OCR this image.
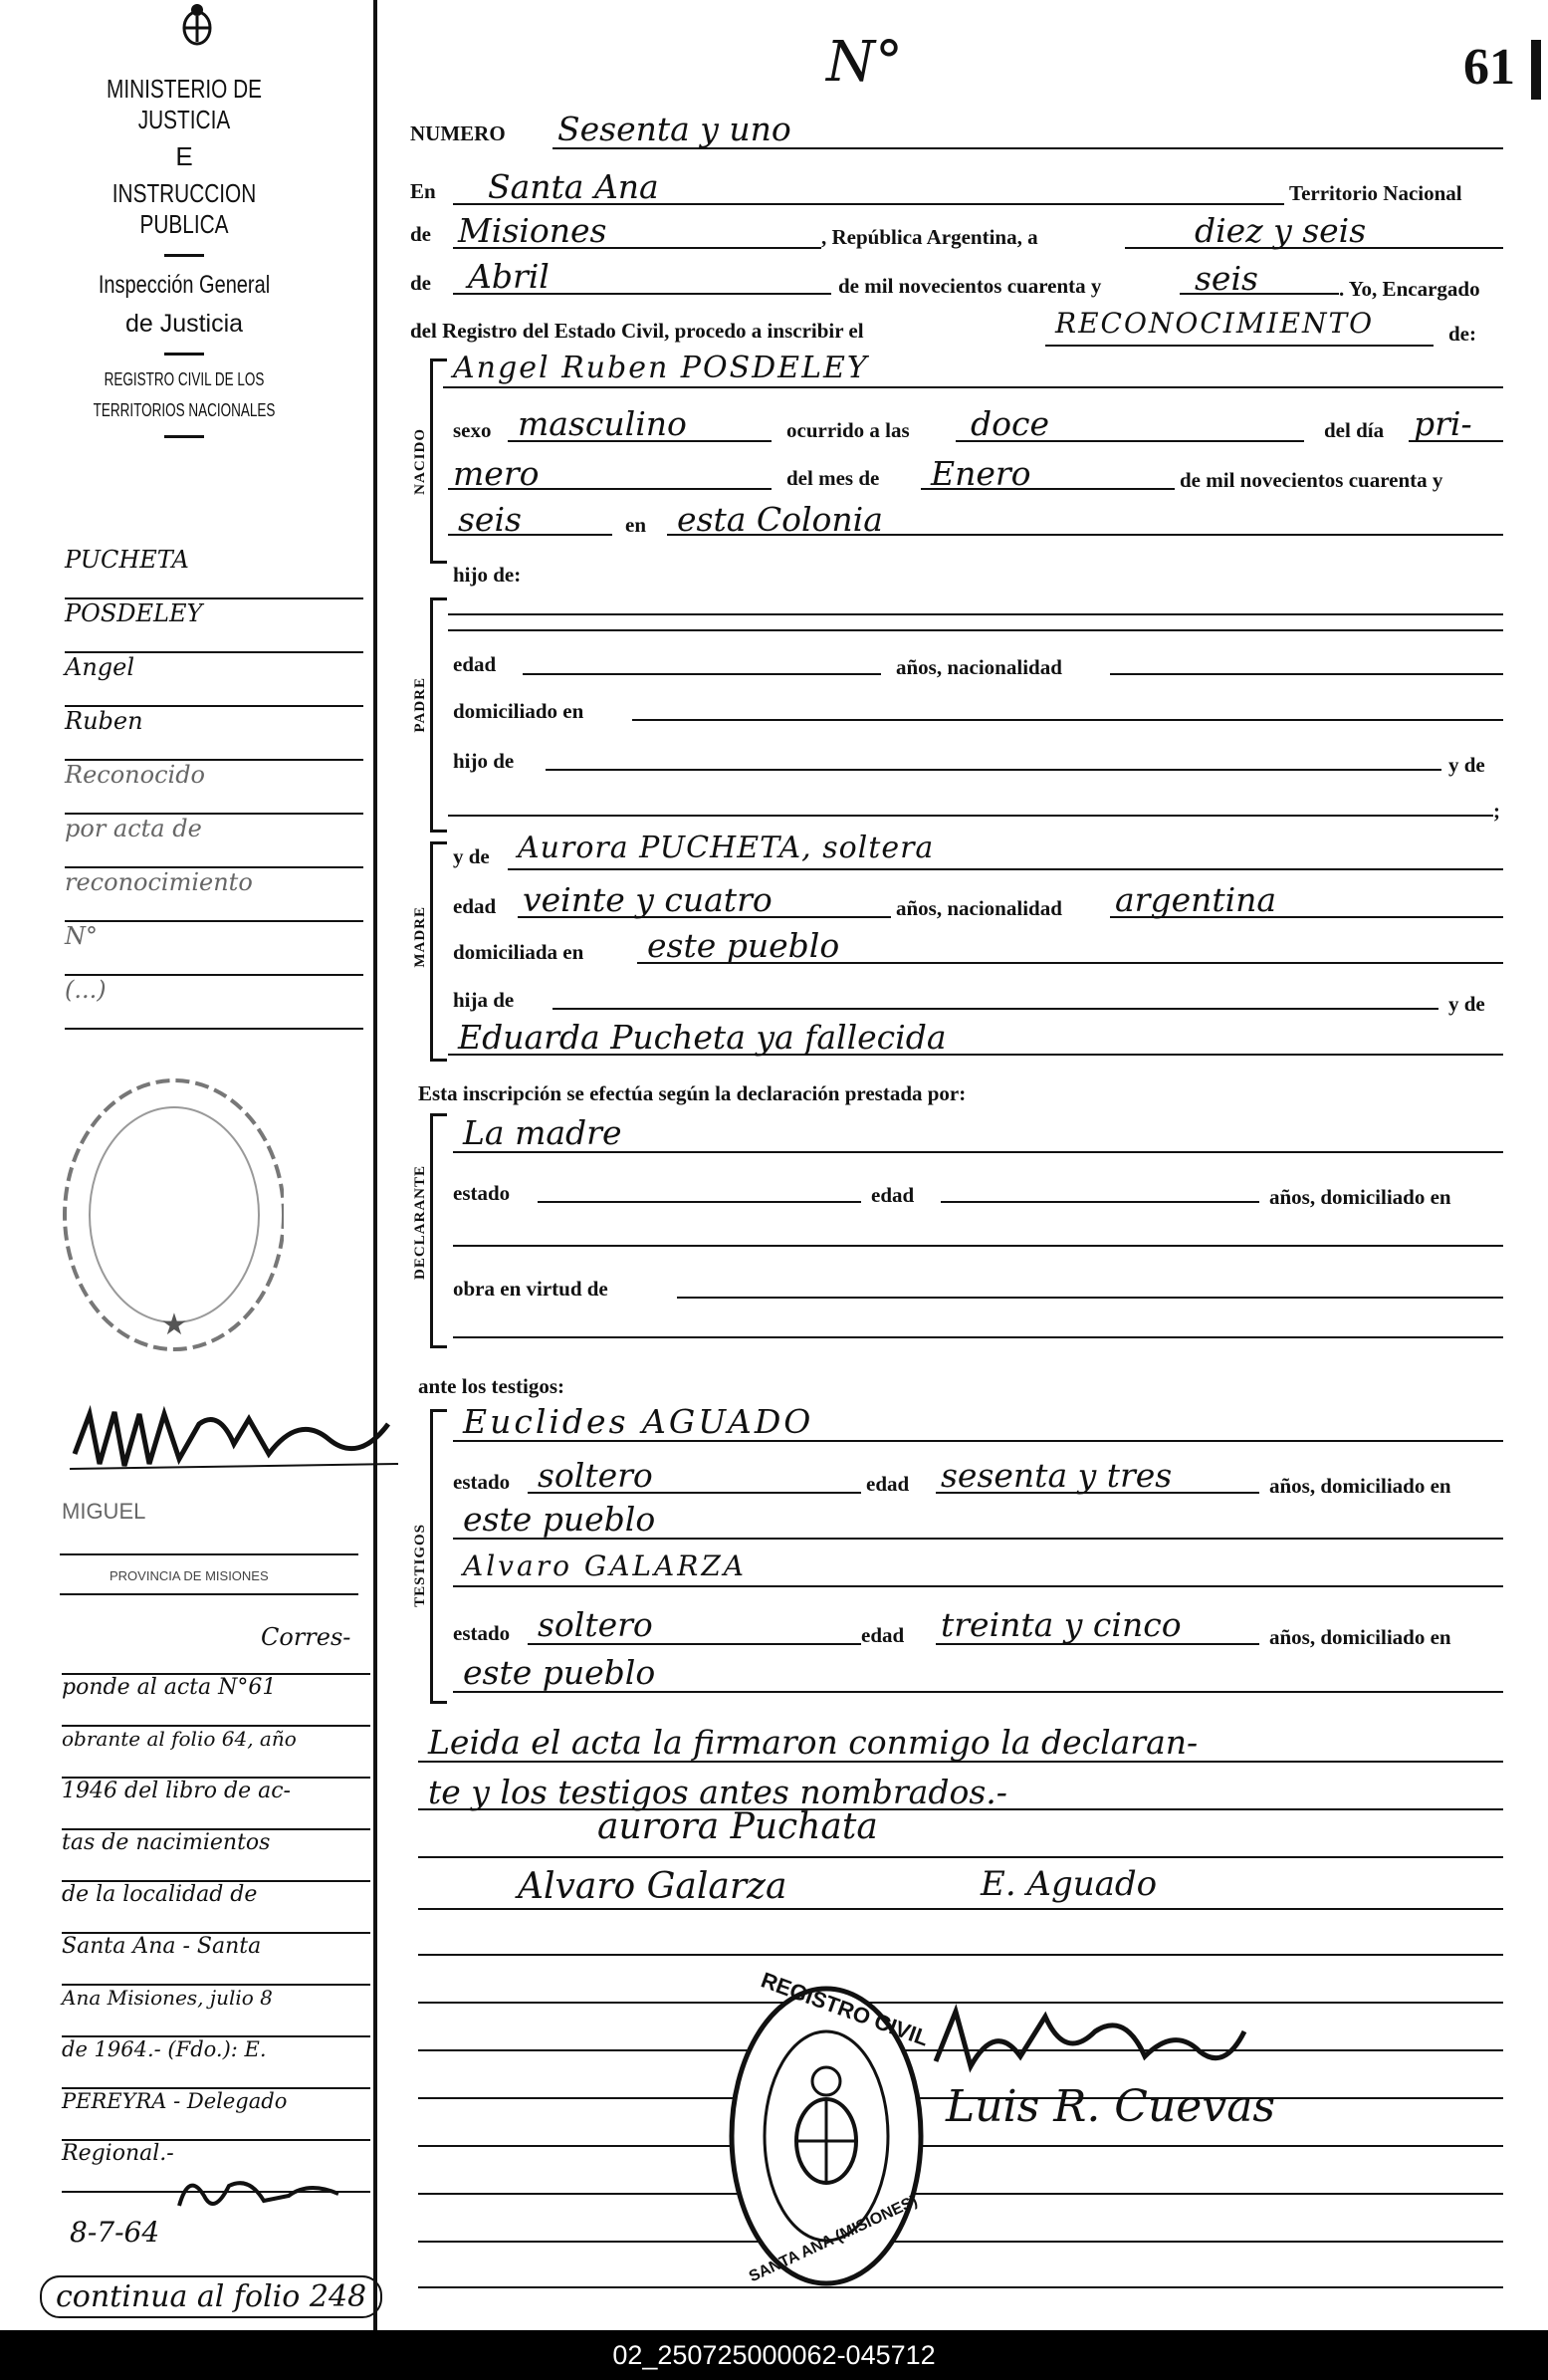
MINISTERIO DE JUSTICIA
E
INSTRUCCION PUBLICA
Inspección General
de Justicia
REGISTRO CIVIL DE LOS
TERRITORIOS NACIONALES
PUCHETA
POSDELEY
Angel
Ruben
Reconocido
por acta de
reconocimiento
N°
(...)
★
MIGUEL
PROVINCIA DE MISIONES
Corres-
ponde al acta N°61
obrante al folio 64, año
1946 del libro de ac-
tas de nacimientos
de la localidad de
Santa Ana - Santa
Ana Misiones, julio 8
de 1964.- (Fdo.): E.
PEREYRA - Delegado
Regional.-
8-7-64
continua al folio 248
N°	61
NUMERO Sesenta y uno
En Santa Ana	Territorio Nacional
de Misiones	, República Argentina, a	diez y seis
de Abril	de mil novecientos cuarenta y	seis	. Yo, Encargado
del Registro del Estado Civil, procedo a inscribir el	RECONOCIMIENTO	de:
NACIDO
Angel Ruben POSDELEY
sexo masculino	ocurrido a las doce	del día pri-
mero	del mes de Enero	de mil novecientos cuarenta y
seis	en esta Colonia
hijo de:
PADRE
edad	años, nacionalidad
domiciliado en
hijo de	y de
;
MADRE
y de Aurora PUCHETA, soltera
edad veinte y cuatro	años, nacionalidad argentina
domiciliada en este pueblo
hija de	y de
Eduarda Pucheta ya fallecida
Esta inscripción se efectúa según la declaración prestada por:
DECLARANTE
La madre
estado	edad	años, domiciliado en
obra en virtud de
ante los testigos:
TESTIGOS
Euclides AGUADO
estado soltero	edad sesenta y tres	años, domiciliado en
este pueblo
Alvaro GALARZA
estado soltero	edad treinta y cinco	años, domiciliado en
este pueblo
Leida el acta la firmaron conmigo la declaran-
te y los testigos antes nombrados.-
aurora Puchata
Alvaro Galarza	E. Aguado
REGISTRO CIVIL
SANTA ANA (MISIONES)
Luis R. Cuevas
02_250725000062-045712
